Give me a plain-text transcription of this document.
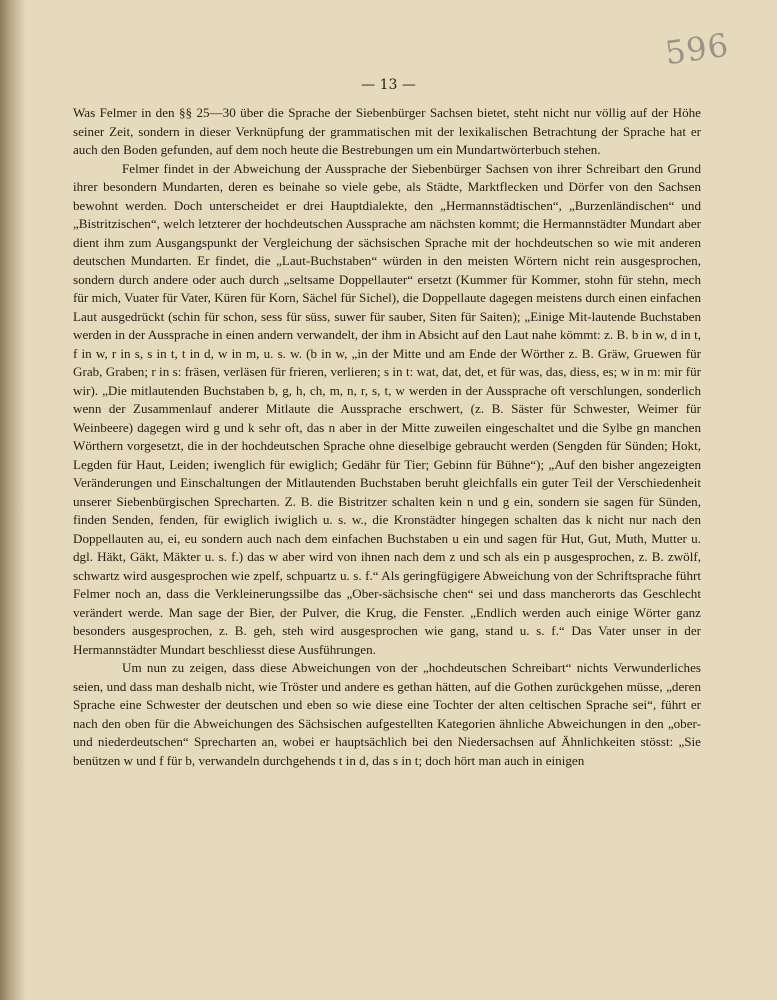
596
— 13 —

Was Felmer in den §§ 25—30 über die Sprache der Siebenbürger Sachsen bietet, steht nicht nur völlig auf der Höhe seiner Zeit, sondern in dieser Verknüpfung der grammatischen mit der lexikalischen Betrachtung der Sprache hat er auch den Boden gefunden, auf dem noch heute die Bestrebungen um ein Mundartwörterbuch stehen.

Felmer findet in der Abweichung der Aussprache der Siebenbürger Sachsen von ihrer Schreibart den Grund ihrer besondern Mundarten, deren es beinahe so viele gebe, als Städte, Marktflecken und Dörfer von den Sachsen bewohnt werden. Doch unterscheidet er drei Hauptdialekte, den „Hermannstädtischen“, „Burzenländischen“ und „Bistritzischen“, welch letzterer der hochdeutschen Aussprache am nächsten kommt; die Hermannstädter Mundart aber dient ihm zum Ausgangspunkt der Vergleichung der sächsischen Sprache mit der hochdeutschen so wie mit anderen deutschen Mundarten. Er findet, die „Laut-Buchstaben“ würden in den meisten Wörtern nicht rein ausgesprochen, sondern durch andere oder auch durch „seltsame Doppellauter“ ersetzt (Kummer für Kommer, stohn für stehn, mech für mich, Vuater für Vater, Küren für Korn, Sächel für Sichel), die Doppellaute dagegen meistens durch einen einfachen Laut ausgedrückt (schin für schon, sess für süss, suwer für sauber, Siten für Saiten); „Einige Mit-lautende Buchstaben werden in der Aussprache in einen andern verwandelt, der ihm in Absicht auf den Laut nahe kömmt: z. B. b in w, d in t, f in w, r in s, s in t, t in d, w in m, u. s. w. (b in w, „in der Mitte und am Ende der Wörther z. B. Gräw, Gruewen für Grab, Graben; r in s: fräsen, verläsen für frieren, verlieren; s in t: wat, dat, det, et für was, das, diess, es; w in m: mir für wir). „Die mitlautenden Buchstaben b, g, h, ch, m, n, r, s, t, w werden in der Aussprache oft verschlungen, sonderlich wenn der Zusammenlauf anderer Mitlaute die Aussprache erschwert, (z. B. Säster für Schwester, Weimer für Weinbeere) dagegen wird g und k sehr oft, das n aber in der Mitte zuweilen eingeschaltet und die Sylbe gn manchen Wörthern vorgesetzt, die in der hochdeutschen Sprache ohne dieselbige gebraucht werden (Sengden für Sünden; Hokt, Legden für Haut, Leiden; iwenglich für ewiglich; Gedähr für Tier; Gebinn für Bühne“); „Auf den bisher angezeigten Veränderungen und Einschaltungen der Mitlautenden Buchstaben beruht gleichfalls ein guter Teil der Verschiedenheit unserer Siebenbürgischen Sprecharten. Z. B. die Bistritzer schalten kein n und g ein, sondern sie sagen für Sünden, finden Senden, fenden, für ewiglich iwiglich u. s. w., die Kronstädter hingegen schalten das k nicht nur nach den Doppellauten au, ei, eu sondern auch nach dem einfachen Buchstaben u ein und sagen für Hut, Gut, Muth, Mutter u. dgl. Häkt, Gäkt, Mäkter u. s. f.) das w aber wird von ihnen nach dem z und sch als ein p ausgesprochen, z. B. zwölf, schwartz wird ausgesprochen wie zpelf, schpuartz u. s. f.“ Als geringfügigere Abweichung von der Schriftsprache führt Felmer noch an, dass die Verkleinerungssilbe das „Ober-sächsische chen“ sei und dass mancherorts das Geschlecht verändert werde. Man sage der Bier, der Pulver, die Krug, die Fenster. „Endlich werden auch einige Wörter ganz besonders ausgesprochen, z. B. geh, steh wird ausgesprochen wie gang, stand u. s. f.“ Das Vater unser in der Hermannstädter Mundart beschliesst diese Ausführungen.

Um nun zu zeigen, dass diese Abweichungen von der „hochdeutschen Schreibart“ nichts Verwunderliches seien, und dass man deshalb nicht, wie Tröster und andere es gethan hätten, auf die Gothen zurückgehen müsse, „deren Sprache eine Schwester der deutschen und eben so wie diese eine Tochter der alten celtischen Sprache sei“, führt er nach den oben für die Abweichungen des Sächsischen aufgestellten Kategorien ähnliche Abweichungen in den „ober- und niederdeutschen“ Sprecharten an, wobei er hauptsächlich bei den Niedersachsen auf Ähnlichkeiten stösst: „Sie benützen w und f für b, verwandeln durchgehends t in d, das s in t; doch hört man auch in einigen
